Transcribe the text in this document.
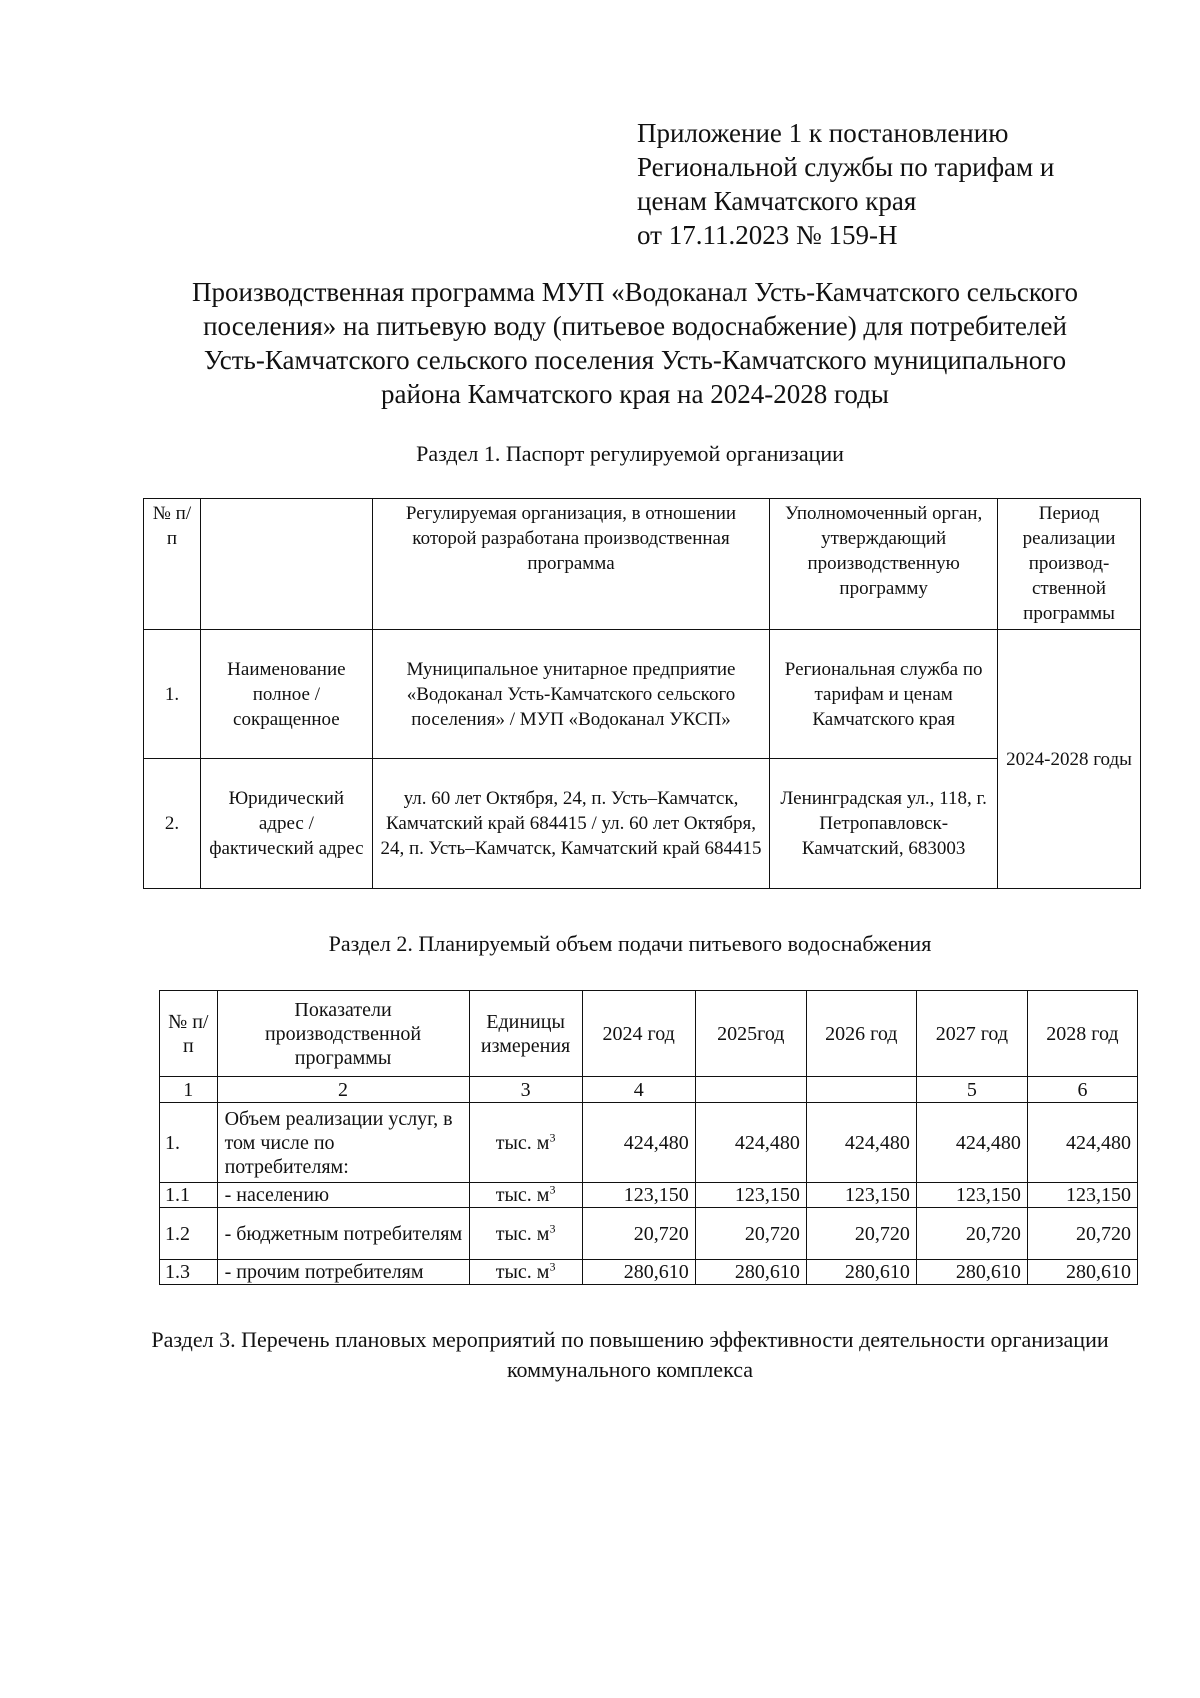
Приложение 1 к постановлению
Региональной службы по тарифам и
ценам Камчатского края
от 17.11.2023 № 159-Н
Производственная программа МУП «Водоканал Усть-Камчатского сельского
поселения» на питьевую воду (питьевое водоснабжение) для потребителей
Усть-Камчатского сельского поселения Усть-Камчатского муниципального
района Камчатского края на 2024-2028 годы
Раздел 1. Паспорт регулируемой организации
№ п/п		Регулируемая организация, в отношении которой разработана производственная программа	Уполномоченный орган, утверждающий производственную программу	Период реализации производ-ственной программы
1.	Наименование полное / сокращенное	Муниципальное унитарное предприятие «Водоканал Усть-Камчатского сельского поселения» / МУП «Водоканал УКСП»	Региональная служба по тарифам и ценам Камчатского края	2024-2028 годы
2.	Юридический адрес / фактический адрес	ул. 60 лет Октября, 24, п. Усть–Камчатск, Камчатский край 684415 / ул. 60 лет Октября, 24, п. Усть–Камчатск, Камчатский край 684415	Ленинградская ул., 118, г. Петропавловск-Камчатский, 683003	
Раздел 2. Планируемый объем подачи питьевого водоснабжения
№ п/п	Показатели производственной программы	Единицы измерения	2024 год	2025год	2026 год	2027 год	2028 год
1	2	3	4			5	6
1.	Объем реализации услуг, в том числе по потребителям:	тыс. $м^3$	424,480	424,480	424,480	424,480	424,480
1.1	- населению	тыс. $м^3$	123,150	123,150	123,150	123,150	123,150
1.2	- бюджетным потребителям	тыс. $м^3$	20,720	20,720	20,720	20,720	20,720
1.3	- прочим потребителям	тыс. $м^3$	280,610	280,610	280,610	280,610	280,610
Раздел 3. Перечень плановых мероприятий по повышению эффективности деятельности организации коммунального комплекса
